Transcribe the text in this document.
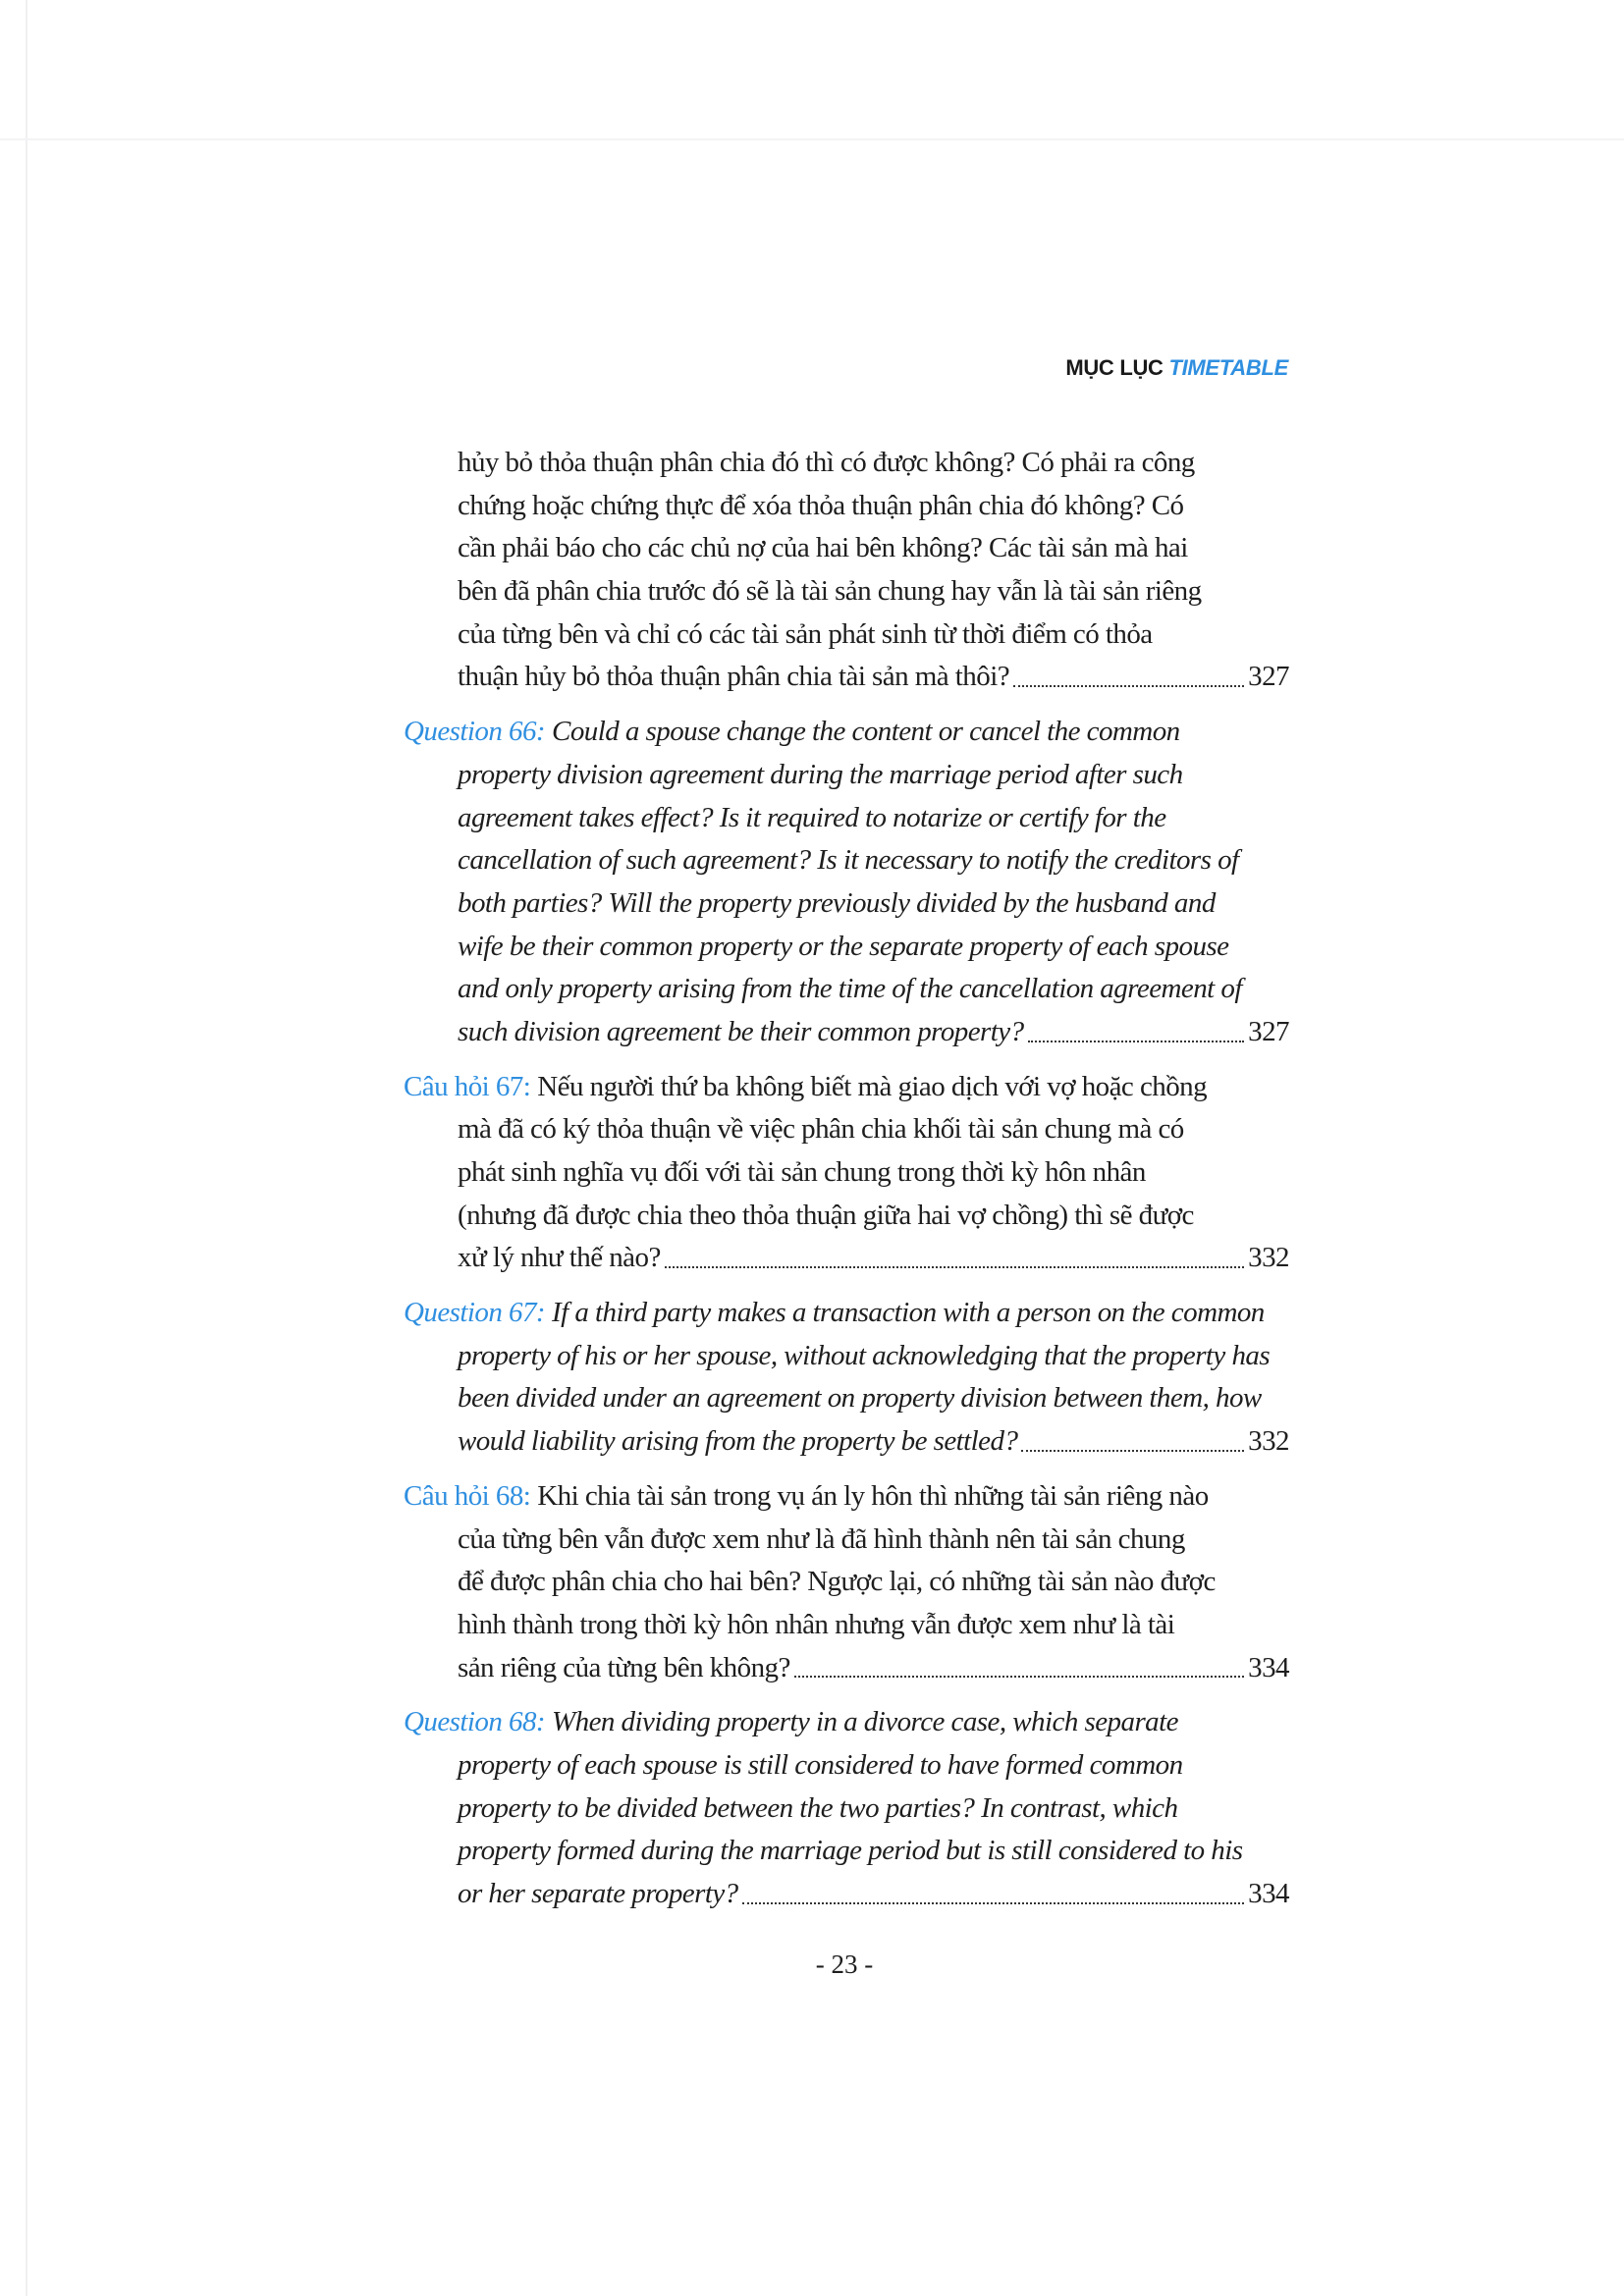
MỤC LỤC TIMETABLE
hủy bỏ thỏa thuận phân chia đó thì có được không? Có phải ra công
chứng hoặc chứng thực để xóa thỏa thuận phân chia đó không? Có
cần phải báo cho các chủ nợ của hai bên không? Các tài sản mà hai
bên đã phân chia trước đó sẽ là tài sản chung hay vẫn là tài sản riêng
của từng bên và chỉ có các tài sản phát sinh từ thời điểm có thỏa
thuận hủy bỏ thỏa thuận phân chia tài sản mà thôi?	327
Question 66: Could a spouse change the content or cancel the common
property division agreement during the marriage period after such
agreement takes effect? Is it required to notarize or certify for the
cancellation of such agreement? Is it necessary to notify the creditors of
both parties? Will the property previously divided by the husband and
wife be their common property or the separate property of each spouse
and only property arising from the time of the cancellation agreement of
such division agreement be their common property?	327
Câu hỏi 67: Nếu người thứ ba không biết mà giao dịch với vợ hoặc chồng
mà đã có ký thỏa thuận về việc phân chia khối tài sản chung mà có
phát sinh nghĩa vụ đối với tài sản chung trong thời kỳ hôn nhân
(nhưng đã được chia theo thỏa thuận giữa hai vợ chồng) thì sẽ được
xử lý như thế nào?	332
Question 67: If a third party makes a transaction with a person on the common
property of his or her spouse, without acknowledging that the property has
been divided under an agreement on property division between them, how
would liability arising from the property be settled?	332
Câu hỏi 68: Khi chia tài sản trong vụ án ly hôn thì những tài sản riêng nào
của từng bên vẫn được xem như là đã hình thành nên tài sản chung
để được phân chia cho hai bên? Ngược lại, có những tài sản nào được
hình thành trong thời kỳ hôn nhân nhưng vẫn được xem như là tài
sản riêng của từng bên không?	334
Question 68: When dividing property in a divorce case, which separate
property of each spouse is still considered to have formed common
property to be divided between the two parties? In contrast, which
property formed during the marriage period but is still considered to his
or her separate property?	334
- 23 -
